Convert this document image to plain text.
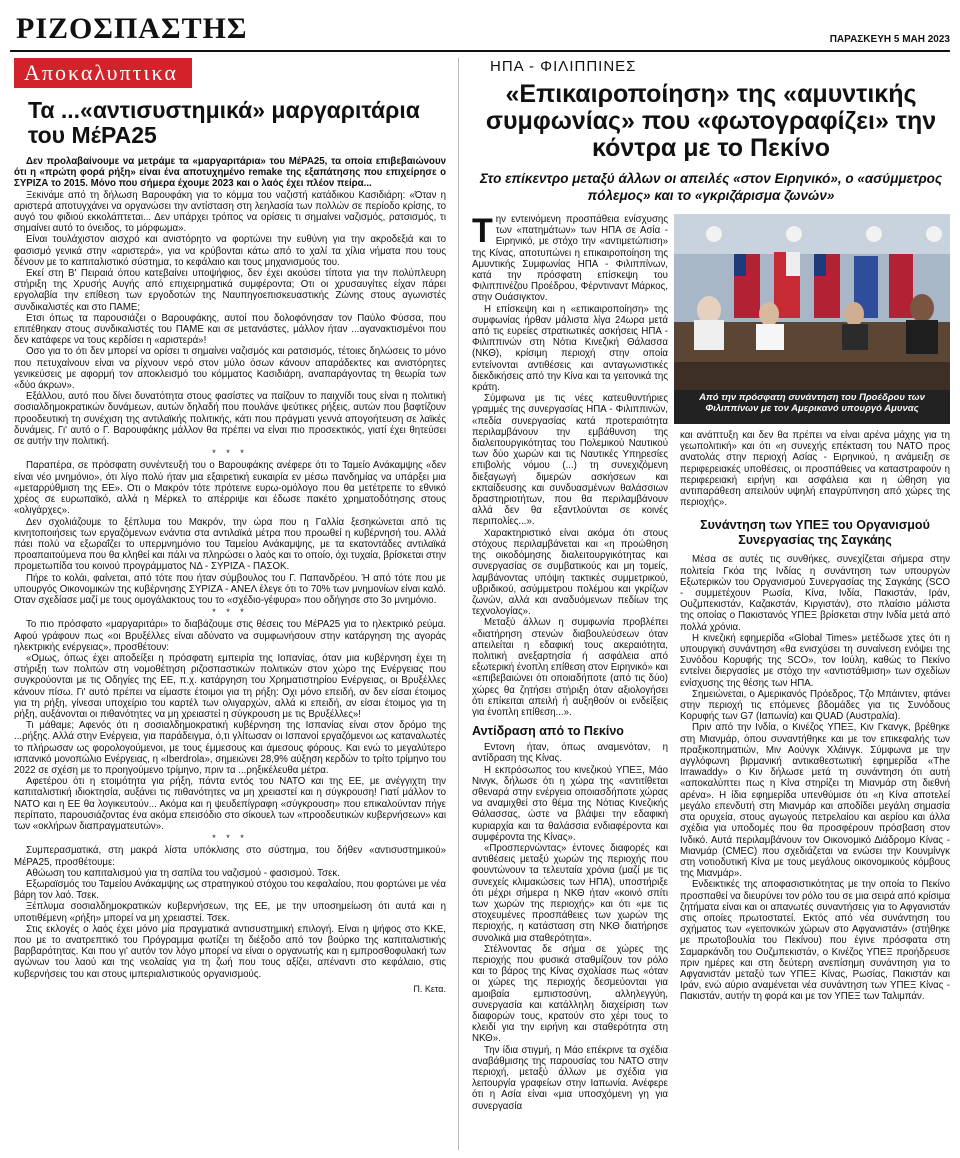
ΡΙΖΟΣΠΑΣΤΗΣ	ΠΑΡΑΣΚΕΥΗ 5 ΜΑΗ 2023
Αποκαλυπτικα
Τα ...«αντισυστημικά» μαργαριτάρια του ΜέΡΑ25

Δεν προλαβαίνουμε να μετράμε τα «μαργαριτάρια» του ΜέΡΑ25, τα οποία επιβεβαιώνουν ότι η «πρώτη φορά ρήξη» είναι ένα αποτυχημένο remake της εξαπάτησης που επιχείρησε ο ΣΥΡΙΖΑ το 2015. Μόνο που σήμερα έχουμε 2023 και ο λαός έχει πλέον πείρα...

Ξεκινάμε από τη δήλωση Βαρουφάκη για το κόμμα του ναζιστή κατάδικου Κασιδιάρη: «Όταν η αριστερά αποτυγχάνει να οργανώσει την αντίσταση στη λεηλασία των πολλών σε περίοδο κρίσης, το αυγό του φιδιού εκκολάπτεται... Δεν υπάρχει τρόπος να ορίσεις τι σημαίνει ναζισμός, ρατσισμός, τι σημαίνει αυτό το όνειδος, το μόρφωμα».

Είναι τουλάχιστον αισχρό και ανιστόρητο να φορτώνει την ευθύνη για την ακροδεξιά και το φασισμό γενικά στην «αριστερά», για να κρύβονται κάτω από το χαλί τα χίλια νήματα που τους δένουν με το καπιταλιστικό σύστημα, το κεφάλαιο και τους μηχανισμούς του.

Εκεί στη Β' Πειραιά όπου κατεβαίνει υποψήφιος, δεν έχει ακούσει τίποτα για την πολύπλευρη στήριξη της Χρυσής Αυγής από επιχειρηματικά συμφέροντα; Οτι οι χρυσαυγίτες είχαν πάρει εργολαβία την επίθεση των εργοδοτών της Ναυπηγοεπισκευαστικής Ζώνης στους αγωνιστές συνδικαλιστές και στο ΠΑΜΕ;

Ετσι όπως τα παρουσιάζει ο Βαρουφάκης, αυτοί που δολοφόνησαν τον Παύλο Φύσσα, που επιτέθηκαν στους συνδικαλιστές του ΠΑΜΕ και σε μετανάστες, μάλλον ήταν ...αγανακτισμένοι που δεν κατάφερε να τους κερδίσει η «αριστερά»!

Οσο για το ότι δεν μπορεί να ορίσει τι σημαίνει ναζισμός και ρατσισμός, τέτοιες δηλώσεις το μόνο που πετυχαίνουν είναι να ρίχνουν νερό στον μύλο όσων κάνουν απαράδεκτες και ανιστόρητες γενικεύσεις με αφορμή τον αποκλεισμό του κόμματος Κασιδιάρη, αναπαράγοντας τη θεωρία των «δύο άκρων».

Εξάλλου, αυτό που δίνει δυνατότητα στους φασίστες να παίζουν το παιχνίδι τους είναι η πολιτική σοσιαλδημοκρατικών δυνάμεων, αυτών δηλαδή που πουλάνε ψεύτικες ρήξεις, αυτών που βαφτίζουν προοδευτική τη συνέχιση της αντιλαϊκής πολιτικής, κάτι που πράγματι γεννά απογοήτευση σε λαϊκές δυνάμεις. Γι' αυτό ο Γ. Βαρουφάκης μάλλον θα πρέπει να είναι πιο προσεκτικός, γιατί έχει θητεύσει σε αυτήν την πολιτική.

* * *

Παραπέρα, σε πρόσφατη συνέντευξή του ο Βαρουφάκης ανέφερε ότι το Ταμείο Ανάκαμψης «δεν είναι νέο μνημόνιο», ότι λίγο πολύ ήταν μια εξαιρετική ευκαιρία εν μέσω πανδημίας να υπάρξει μια «μεταρρύθμιση της ΕΕ». Οτι ο Μακρόν τότε πρότεινε ευρω-ομόλογο που θα μετέτρεπε το εθνικό χρέος σε ευρωπαϊκό, αλλά η Μέρκελ το απέρριψε και έδωσε πακέτο χρηματοδότησης στους «ολιγάρχες».

Δεν σχολιάζουμε το ξέπλυμα του Μακρόν, την ώρα που η Γαλλία ξεσηκώνεται από τις κινητοποιήσεις των εργαζόμενων ενάντια στα αντιλαϊκά μέτρα που προωθεί η κυβέρνησή του. Αλλά πάει πολύ να εξωραΐζει το υπερμνημόνιο του Ταμείου Ανάκαμψης, με τα εκατοντάδες αντιλαϊκά προαπαιτούμενα που θα κληθεί και πάλι να πληρώσει ο λαός και το οποίο, όχι τυχαία, βρίσκεται στην προμετωπίδα του κοινού προγράμματος ΝΔ - ΣΥΡΙΖΑ - ΠΑΣΟΚ.

Πήρε το κολάι, φαίνεται, από τότε που ήταν σύμβουλος του Γ. Παπανδρέου. Ή από τότε που με υπουργός Οικονομικών της κυβέρνησης ΣΥΡΙΖΑ - ΑΝΕΛ έλεγε ότι το 70% των μνημονίων είναι καλό. Οταν σχεδίασε μαζί με τους ομογάλακτους του το «σχέδιο-γέφυρα» που οδήγησε στο 3ο μνημόνιο.

* * *

Το πιο πρόσφατο «μαργαριτάρι» το διαβάζουμε στις θέσεις του ΜέΡΑ25 για το ηλεκτρικό ρεύμα. Αφού γράφουν πως «οι Βρυξέλλες είναι αδύνατο να συμφωνήσουν στην κατάργηση της αγοράς ηλεκτρικής ενέργειας», προσθέτουν:

«Ομως, όπως έχει αποδείξει η πρόσφατη εμπειρία της Ιοπανίας, όταν μια κυβέρνηση έχει τη στήριξη των πολιτών στη νομοθέτηση ριζοσπαστικών πολιτικών στον χώρο της Ενέργειας που συγκρούονται με τις Οδηγίες της ΕΕ, π.χ. κατάργηση του Χρηματιστηρίου Ενέργειας, οι Βρυξέλλες κάνουν πίσω. Γι' αυτό πρέπει να είμαστε έτοιμοι για τη ρήξη: Οχι μόνο επειδή, αν δεν είσαι έτοιμος για τη ρήξη, γίνεσαι υποχείριο του καρτέλ των ολιγαρχών, αλλά κι επειδή, αν είσαι έτοιμος για τη ρήξη, αυξάνονται οι πιθανότητες να μη χρειαστεί η σύγκρουση με τις Βρυξέλλες»!

Τι μάθαμε; Αφενός ότι η σοσιαλδημοκρατική κυβέρνηση της Ισπανίας είναι στον δρόμο της ...ρήξης. Αλλά στην Ενέργεια, για παράδειγμα, ό,τι γλίτωσαν οι Ισπανοί εργαζόμενοι ως καταναλωτές το πλήρωσαν ως φορολογούμενοι, με τους έμμεσους και άμεσους φόρους. Και ενώ το μεγαλύτερο ισπανικό μονοπώλιο Ενέργειας, η «Iberdrola», σημειώνει 28,9% αύξηση κερδών το τρίτο τρίμηνο του 2022 σε σχέση με το προηγούμενο τρίμηνο, πριν τα ...ρηξικέλευθα μέτρα.

Αφετέρου ότι η ετοιμότητα για ρήξη, πάντα εντός του ΝΑΤΟ και της ΕΕ, με ανέγγιχτη την καπιταλιστική ιδιοκτησία, αυξάνει τις πιθανότητες να μη χρειαστεί και η σύγκρουση! Γιατί μάλλον το ΝΑΤΟ και η ΕΕ θα λογικευτούν... Ακόμα και η ψευδεπίγραφη «σύγκρουση» που επικαλούνταν πήγε περίπατο, παρουσιάζοντας ένα ακόμα επεισόδιο στο σίκουελ των «προοδευτικών κυβερνήσεων» και των «οκλήρων διαπραγματευτών».

* * *

Συμπερασματικά, στη μακρά λίστα υπόκλισης στο σύστημα, του δήθεν «αντισυστημικού» ΜέΡΑ25, προσθέτουμε:

Αθώωση του καπιταλισμού για τη σαπίλα του ναζισμού - φασισμού. Τσεκ.

Εξωραϊσμός του Ταμείου Ανάκαμψης ως στρατηγικού στόχου του κεφαλαίου, που φορτώνει με νέα βάρη τον λαό. Τσεκ.

Ξέπλυμα σοσιαλδημοκρατικών κυβερνήσεων, της ΕΕ, με την υποσημείωση ότι αυτά και η υποτιθέμενη «ρήξη» μπορεί να μη χρειαστεί. Τσεκ.

Στις εκλογές ο λαός έχει μόνο μία πραγματικά αντισυστημική επιλογή. Είναι η ψήφος στο ΚΚΕ, που με το ανατρεπτικό του Πρόγραμμα φωτίζει τη διέξοδο από τον βούρκο της καπιταλιστικής βαρβαρότητας. Και που γι' αυτόν τον λόγο μπορεί να είναι ο οργανωτής και η εμπροσθοφυλακή των αγώνων του λαού και της νεολαίας για τη ζωή που τους αξίζει, απέναντι στο κεφάλαιο, στις κυβερνήσεις του και στους ιμπεριαλιστικούς οργανισμούς.

Π. Κετα.
ΗΠΑ - ΦΙΛΙΠΠΙΝΕΣ
«Επικαιροποίηση» της «αμυντικής συμφωνίας» που «φωτογραφίζει» την κόντρα με το Πεκίνο
Στο επίκεντρο μεταξύ άλλων οι απειλές «στον Ειρηνικό», ο «ασύμμετρος πόλεμος» και το «γκριζάρισμα ζωνών»
Από την πρόσφατη συνάντηση του Προέδρου των Φιλιππίνων με τον Αμερικανό υπουργό Αμυνας

Την εντεινόμενη προσπάθεια ενίσχυσης των «πατημάτων» των ΗΠΑ σε Ασία - Ειρηνικό, με στόχο την «αντιμετώπιση» της Κίνας, αποτυπώνει η επικαιροποίηση της Αμυντικής Συμφωνίας ΗΠΑ - Φιλιππίνων, κατά την πρόσφατη επίσκεψη του Φιλιππινέζου Προέδρου, Φέρντιναντ Μάρκος, στην Ουάσιγκτον.

Η επίσκεψη και η «επικαιροποίηση» της συμφωνίας ήρθαν μάλιστα λίγα 24ωρα μετά από τις ευρείες στρατιωτικές ασκήσεις ΗΠΑ - Φιλιππινών στη Νότια Κινεζική Θάλασσα (ΝΚΘ), κρίσιμη περιοχή στην οποία εντείνονται αντιθέσεις και ανταγωνιστικές διεκδικήσεις από την Κίνα και τα γειτονικά της κράτη.

Σύμφωνα με τις νέες κατευθυντήριες γραμμές της συνεργασίας ΗΠΑ - Φιλιππινών, «πεδία συνεργασίας κατά προτεραιότητα περιλαμβάνουν την εμβάθυνση της διαλειτουργικότητας του Πολεμικού Ναυτικού των δύο χωρών και τις Ναυτικές Υπηρεσίες επιβολής νόμου (...) τη συνεχιζόμενη διεξαγωγή διμερών ασκήσεων και εκπαίδευσης και συνδυασμένων θαλάσσιων δραστηριοτήτων, που θα περιλαμβάνουν αλλά δεν θα εξαντλούνται σε κοινές περιπολίες...».

Χαρακτηριστικό είναι ακόμα ότι στους στόχους περιλαμβάνεται και «η προώθηση της οικοδόμησης διαλειτουργικότητας και συνεργασίας σε συμβατικούς και μη τομείς, λαμβάνοντας υπόψη τακτικές συμμετρικού, υβριδικού, ασύμμετρου πολέμου και γκρίζων ζωνών, αλλά και αναδυόμενων πεδίων της τεχνολογίας».

Μεταξύ άλλων η συμφωνία προβλέπει «διατήρηση στενών διαβουλεύσεων όταν απειλείται η εδαφική τους ακεραιότητα, πολιτική ανεξαρτησία ή ασφάλεια από εξωτερική ένοπλη επίθεση στον Ειρηνικό» και «επιβεβαιώνει ότι οποιαδήποτε (από τις δύο) χώρες θα ζητήσει στήριξη όταν αξιολογήσει ότι επίκειται απειλή ή αυξηθούν οι ενδείξεις για ένοπλη επίθεση...».

Αντίδραση από το Πεκίνο

Εντονη ήταν, όπως αναμενόταν, η αντίδραση της Κίνας.

Η εκπρόσωπος του κινεζικού ΥΠΕΞ, Μάο Νινγκ, δήλωσε ότι η χώρα της «αντιτίθεται σθεναρά στην ενέργεια οποιασδήποτε χώρας να αναμιχθεί στο θέμα της Νότιας Κινεζικής Θάλασσας, ώστε να βλάψει την εδαφική κυριαρχία και τα θαλάσσια ενδιαφέροντα και συμφέροντα της Κίνας».

«Προσπερνώντας» έντονες διαφορές και αντιθέσεις μεταξύ χωρών της περιοχής που φουντώνουν τα τελευταία χρόνια (μαζί με τις συνεχείς κλιμακώσεις των ΗΠΑ), υποστήριξε ότι μέχρι σήμερα η ΝΚΘ ήταν «κοινό σπίτι των χωρών της περιοχής» και ότι «με τις στοχευμένες προσπάθειες των χωρών της περιοχής, η κατάσταση στη ΝΚΘ διατήρησε συνολικά μια σταθερότητα».

Στέλνοντας δε σήμα σε χώρες της περιοχής που φυσικά σταθμίζουν τον ρόλο και το βάρος της Κίνας σχολίασε πως «όταν οι χώρες της περιοχής δεσμεύονται για αμοιβαία εμπιστοσύνη, αλληλεγγύη, συνεργασία και κατάλληλη διαχείριση των διαφορών τους, κρατούν στο χέρι τους το κλειδί για την ειρήνη και σταθερότητα στη ΝΚΘ».

Την ίδια στιγμή, η Μάο επέκρινε τα σχέδια αναβάθμισης της παρουσίας του ΝΑΤΟ στην περιοχή, μεταξύ άλλων με σχέδια για λειτουργία γραφείων στην Ιαπωνία. Ανέφερε ότι η Ασία είναι «μια υποσχόμενη γη για συνεργασία

και ανάπτυξη και δεν θα πρέπει να είναι αρένα μάχης για τη γεωπολιτική» και ότι «η συνεχής επέκταση του ΝΑΤΟ προς ανατολάς στην περιοχή Ασίας - Ειρηνικού, η ανάμειξη σε περιφερειακές υποθέσεις, οι προσπάθειες να καταστραφούν η περιφερειακή ειρήνη και ασφάλεια και η ώθηση για αντιπαράθεση απειλούν υψηλή επαγρύπνηση από χώρες της περιοχής».

Συνάντηση των ΥΠΕΞ του Οργανισμού Συνεργασίας της Σαγκάης

Μέσα σε αυτές τις συνθήκες, συνεχίζεται σήμερα στην πολιτεία Γκόα της Ινδίας η συνάντηση των υπουργών Εξωτερικών του Οργανισμού Συνεργασίας της Σαγκάης (SCO - συμμετέχουν Ρωσία, Κίνα, Ινδία, Πακιστάν, Ιράν, Ουζμπεκιστάν, Καζακστάν, Κιργιστάν), στο πλαίσιο μάλιστα της οποίας ο Πακιστανός ΥΠΕΞ βρίσκεται στην Ινδία μετά από πολλά χρόνια.

Η κινεζική εφημερίδα «Global Times» μετέδωσε χτες ότι η υπουργική συνάντηση «θα ενισχύσει τη συναίνεση ενόψει της Συνόδου Κορυφής της SCO», τον Ιούλη, καθώς το Πεκίνο εντείνει διεργασίες με στόχο την «αντιστάθμιση» των σχεδίων ενίσχυσης της θέσης των ΗΠΑ.

Σημειώνεται, ο Αμερικανός Πρόεδρος, Τζο Μπάιντεν, φτάνει στην περιοχή τις επόμενες βδομάδες για τις Συνόδους Κορυφής των G7 (Ιαπωνία) και QUAD (Αυστραλία).

Πριν από την Ινδία, ο Κινέζος ΥΠΕΞ, Κιν Γκανγκ, βρέθηκε στη Μιανμάρ, όπου συναντήθηκε και με τον επικεφαλής των πραξικοπηματιών, Μιν Αούνγκ Χλάινγκ. Σύμφωνα με την αγγλόφωνη βιρμανική αντικαθεστωτική εφημερίδα «The Irrawaddy» ο Κιν δήλωσε μετά τη συνάντηση ότι αυτή «αποκαλύπτει πως η Κίνα στηρίζει τη Μιανμάρ στη διεθνή αρένα». Η ίδια εφημερίδα υπενθύμισε ότι «η Κίνα αποτελεί μεγάλο επενδυτή στη Μιανμάρ και αποδίδει μεγάλη σημασία στα ορυχεία, στους αγωγούς πετρελαίου και αερίου και άλλα σχέδια για υποδομές που θα προσφέρουν πρόσβαση στον Ινδικό. Αυτά περιλαμβάνουν τον Οικονομικό Διάδρομο Κίνας - Μιανμάρ (CMEC) που σχεδιάζεται να ενώσει την Κουνμίνγκ στη νοτιοδυτική Κίνα με τους μεγάλους οικονομικούς κόμβους της Μιανμάρ».

Ενδεικτικές της αποφασιστικότητας με την οποία το Πεκίνο προσπαθεί να διευρύνει τον ρόλο του σε μια σειρά από κρίσιμα ζητήματα είναι και οι απανωτές συναντήσεις για το Αφγανιστάν στις οποίες πρωτοστατεί. Εκτός από νέα συνάντηση του σχήματος των «γειτονικών χώρων στο Αφγανιστάν» (στήθηκε με πρωτοβουλία του Πεκίνου) που έγινε πρόσφατα στη Σαμαρκάνδη του Ουζμπεκιστάν, ο Κινέζος ΥΠΕΞ προήδρευσε πριν ημέρες και στη δεύτερη ανεπίσημη συνάντηση για το Αφγανιστάν μεταξύ των ΥΠΕΞ Κίνας, Ρωσίας, Πακιστάν και Ιράν, ενώ αύριο αναμένεται νέα συνάντηση των ΥΠΕΞ Κίνας - Πακιστάν, αυτήν τη φορά και με τον ΥΠΕΞ των Ταλιμπάν.
